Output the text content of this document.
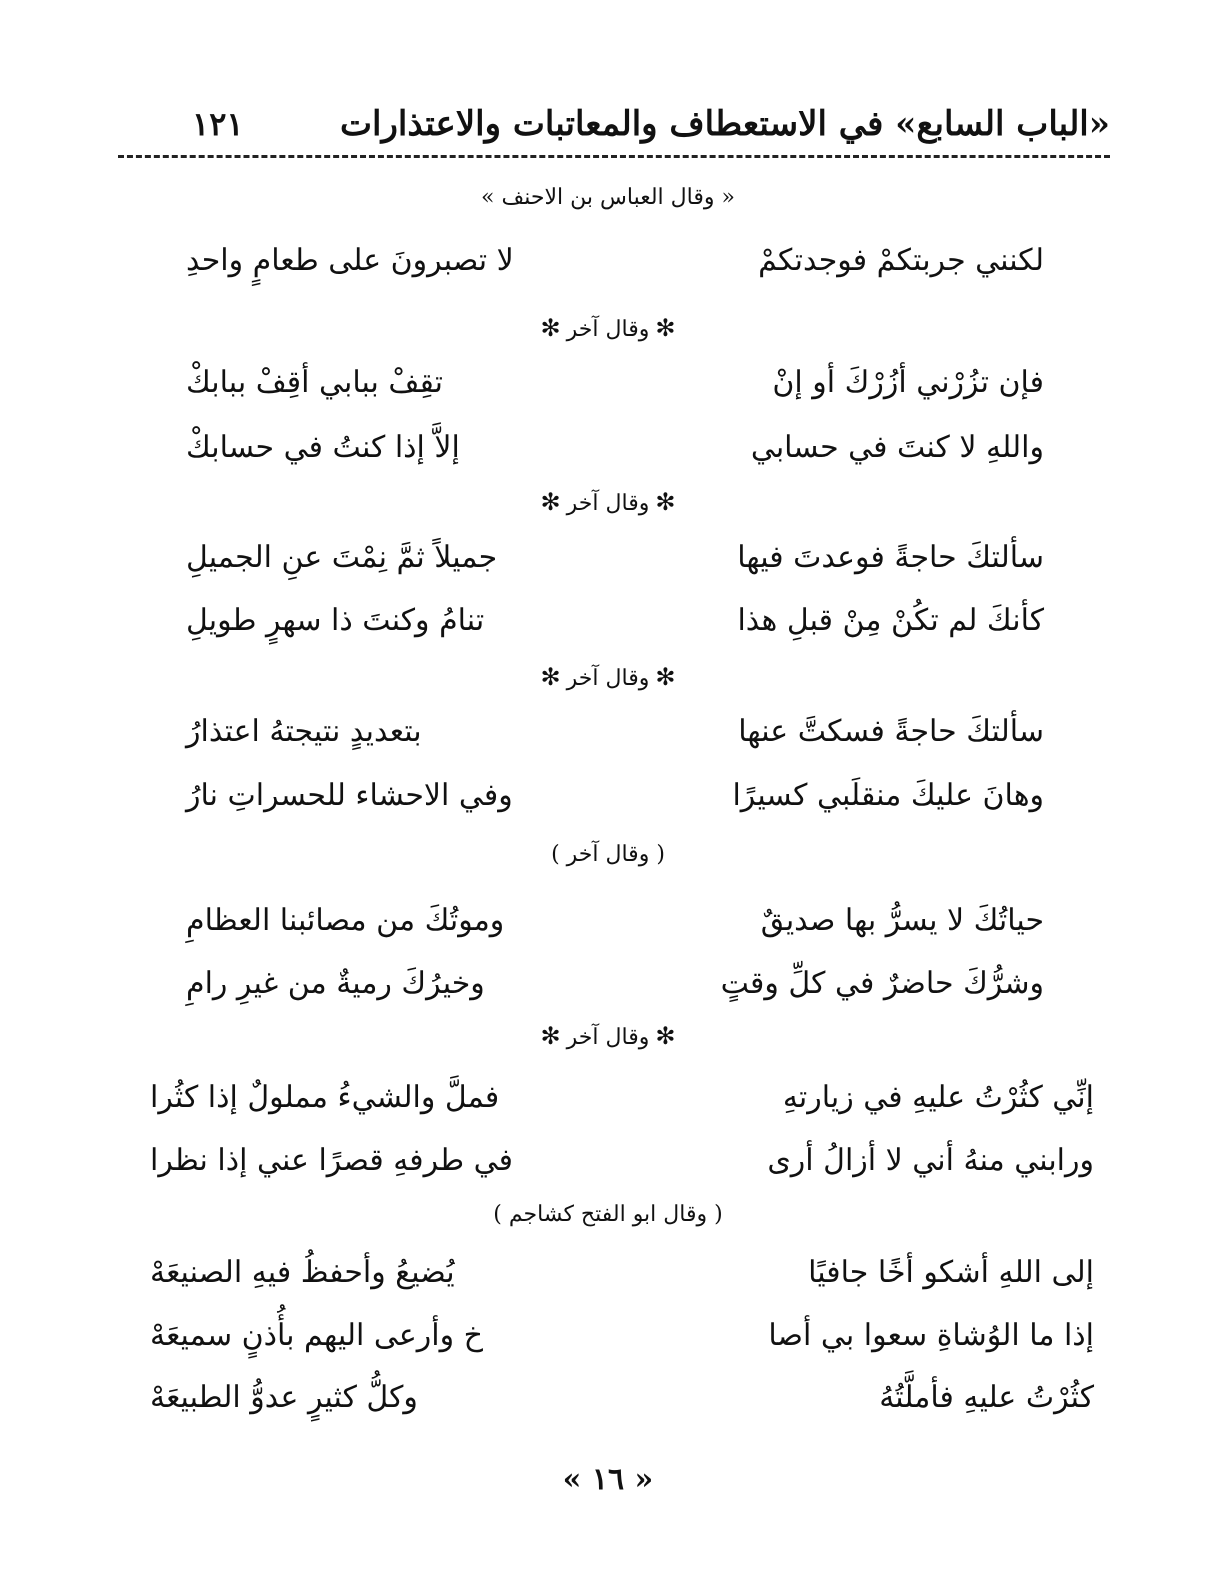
«الباب السابع» في الاستعطاف والمعاتبات والاعتذارات
١٢١
« وقال العباس بن الاحنف »
لكنني جربتكمْ فوجدتكمْ
لا تصبرونَ على طعامٍ واحدِ
✻وقال آخر✻
فإن تزُرْني أزُرْكَ أو إنْ
تقِفْ ببابي أقِفْ ببابكْ
واللهِ لا كنتَ في حسابي
إلاَّ إذا كنتُ في حسابكْ
✻وقال آخر✻
سألتكَ حاجةً فوعدتَ فيها
جميلاً ثمَّ نِمْتَ عنِ الجميلِ
كأنكَ لم تكُنْ مِنْ قبلِ هذا
تنامُ وكنتَ ذا سهرٍ طويلِ
✻وقال آخر✻
سألتكَ حاجةً فسكتَّ عنها
بتعديدٍ نتيجتهُ اعتذارُ
وهانَ عليكَ منقلَبي كسيرًا
وفي الاحشاء للحسراتِ نارُ
( وقال آخر )
حياتُكَ لا يسرُّ بها صديقٌ
وموتُكَ من مصائبنا العظامِ
وشرُّكَ حاضرٌ في كلِّ وقتٍ
وخيرُكَ رميةٌ من غيرِ رامِ
✻وقال آخر✻
إنِّي كثُرْتُ عليهِ في زيارتهِ
فملَّ والشيءُ مملولٌ إذا كثُرا
ورابني منهُ أني لا أزالُ أرى
في طرفهِ قصرًا عني إذا نظرا
( وقال ابو الفتح كشاجم )
إلى اللهِ أشكو أخًا جافيًا
يُضيعُ وأحفظُ فيهِ الصنيعَهْ
إذا ما الوُشاةِ سعوا بي أصا
خ وأرعى اليهم بأُذنٍ سميعَهْ
كثُرْتُ عليهِ فأملَّتُهُ
وكلُّ كثيرٍ عدوُّ الطبيعَهْ
« ١٦ »
